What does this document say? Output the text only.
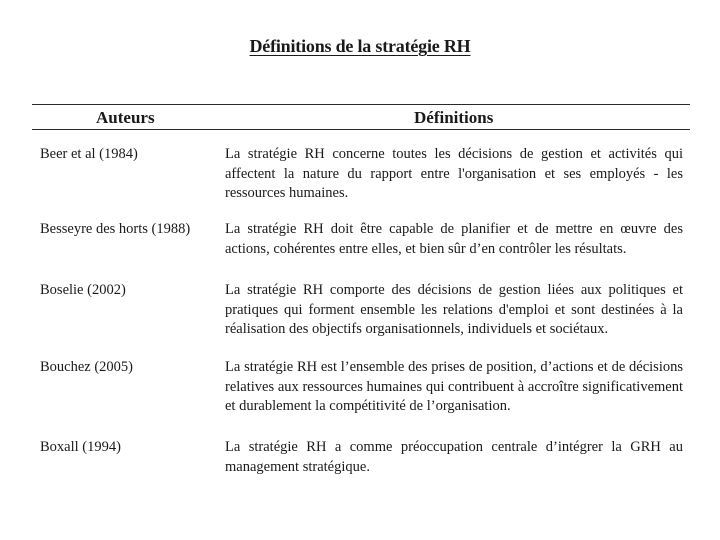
Définitions de la stratégie RH
Auteurs	Définitions
Beer et al (1984)	La stratégie RH concerne toutes les décisions de gestion et activités qui affectent la nature du rapport entre l'organisation et ses employés - les ressources humaines.
Besseyre des horts (1988) La stratégie RH doit être capable de planifier et de mettre en œuvre des actions, cohérentes entre elles, et bien sûr d’en contrôler les résultats.
Boselie (2002)	La stratégie RH comporte des décisions de gestion liées aux politiques et pratiques qui forment ensemble les relations d'emploi et sont destinées à la réalisation des objectifs organisationnels, individuels et sociétaux.
Bouchez (2005)	La stratégie RH est l’ensemble des prises de position, d’actions et de décisions relatives aux ressources humaines qui contribuent à accroître significativement et durablement la compétitivité de l’organisation.
Boxall (1994)	La stratégie RH a comme préoccupation centrale d’intégrer la GRH au management stratégique.
